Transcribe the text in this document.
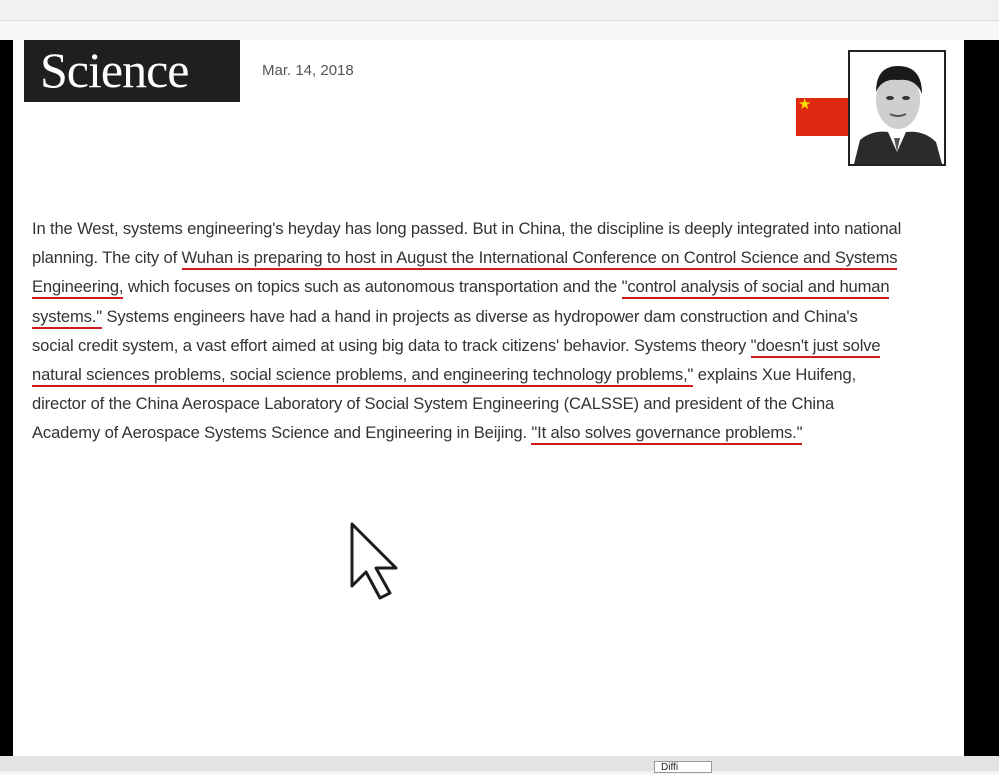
Science	Mar. 14, 2018
★

In the West, systems engineering's heyday has long passed. But in China, the discipline is deeply integrated into national planning. The city of Wuhan is preparing to host in August the International Conference on Control Science and Systems Engineering, which focuses on topics such as autonomous transportation and the "control analysis of social and human systems." Systems engineers have had a hand in projects as diverse as hydropower dam construction and China's social credit system, a vast effort aimed at using big data to track citizens' behavior. Systems theory "doesn't just solve natural sciences problems, social science problems, and engineering technology problems," explains Xue Huifeng, director of the China Aerospace Laboratory of Social System Engineering (CALSSE) and president of the China Academy of Aerospace Systems Science and Engineering in Beijing. "It also solves governance problems."

Diffi
